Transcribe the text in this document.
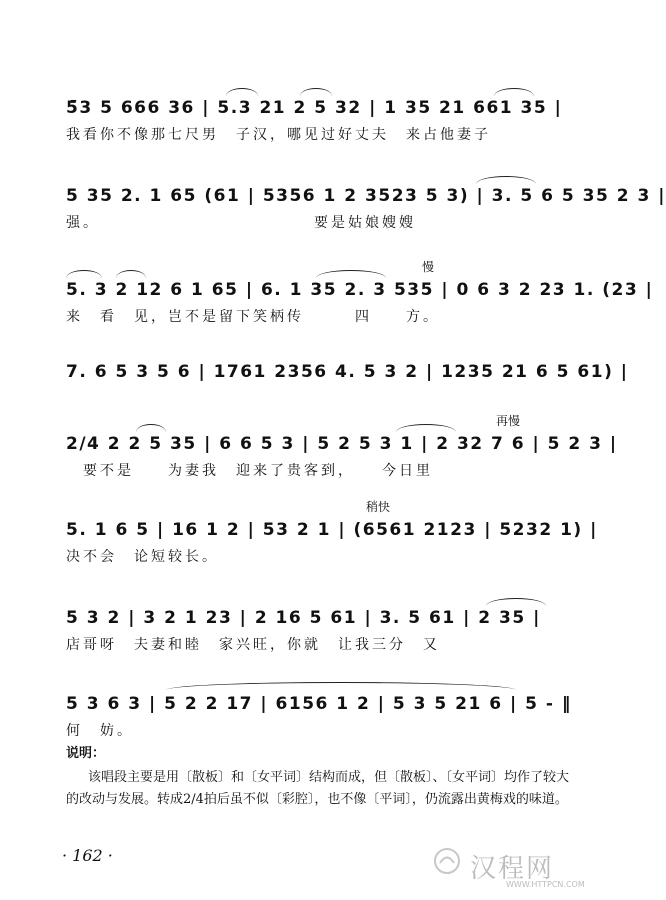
5̄3 5 666 36 | 5.3 21 2 5 32 | 1 35 21 661 35 |
我看你不像那七尺男　子汉，哪见过好丈夫　来占他妻子
5 35 2. 1 65 (61 | 5356 1 2 3523 5 3) | 3. 5 6 5 35 2 3 |
强。　　　　　　　　　　　　　要是姑娘嫂嫂
5. 3 2 12 6 1 65 | 6. 1 35 2. 3 535 | 0 6 3 2 23 1. (23 |
来　看　见，岂不是留下笑柄传　　　四　　方。
慢
7. 6 5 3 5 6 | 1761 2356 4. 5 3 2 | 1235 21 6 5 61) |
2/4 2 2 5 35 | 6 6 5 3 | 5 2 5 3 1 | 2 32 7 6 | 5 2 3 |
　要不是　　为妻我　迎来了贵客到，　　今日里
再慢
5. 1 6 5 | 16 1 2 | 53 2 1 | (6561 2123 | 5232 1) |
决不会　论短较长。
稍快
5 3 2 | 3 2 1 23 | 2 16 5 61 | 3. 5 61 | 2 35 |
店哥呀　夫妻和睦　家兴旺，你就　让我三分　又
5 3 6 3 | 5 2 2 17 | 6156 1 2 | 5 3 5 21 6 | 5 - ‖
何　妨。
说明：
该唱段主要是用〔散板〕和〔女平词〕结构而成，但〔散板〕、〔女平词〕均作了较大的改动与发展。转成2/4拍后虽不似〔彩腔〕，也不像〔平词〕，仍流露出黄梅戏的味道。
· 162 ·	汉程网
WWW.HTTPCN.COM
